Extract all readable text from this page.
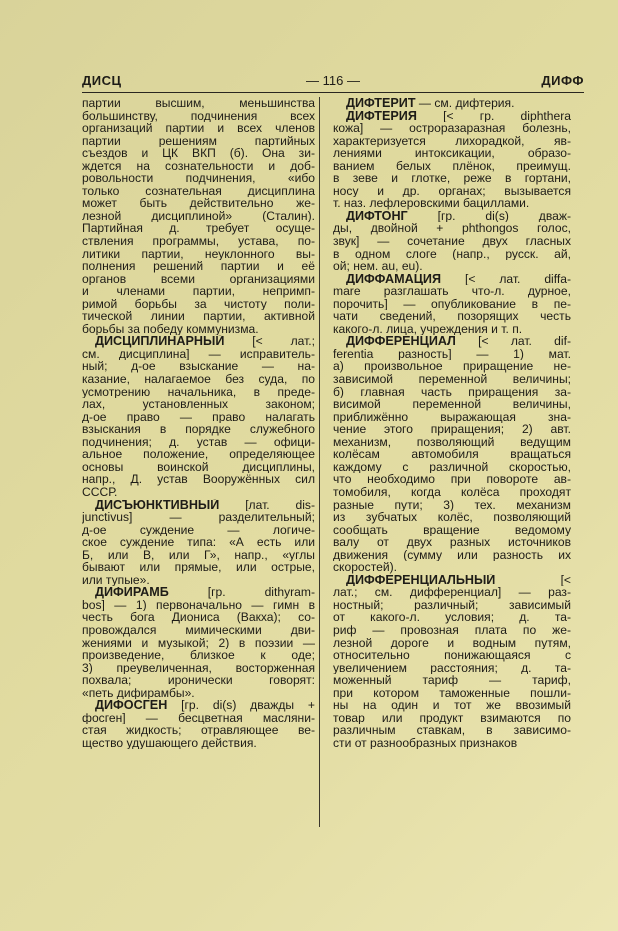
ДИСЦ	— 116 —	ДИФФ
партии высшим, меньшинства
большинству, подчинения всех
организаций партии и всех членов
партии решениям партийных
съездов и ЦК ВКП (б). Она зи-
ждется на сознательности и доб-
ровольности подчинения, «ибо
только сознательная дисциплина
может быть действительно же-
лезной дисциплиной» (Сталин).
Партийная д. требует осуще-
ствления программы, устава, по-
литики партии, неуклонного вы-
полнения решений партии и её
органов всеми организациями
и членами партии, непримп-
римой борьбы за чистоту поли-
тической линии партии, активной
борьбы за победу коммунизма.
ДИСЦИПЛИНА́РНЫЙ [< лат.;
см. дисциплина] — исправитель-
ный; д-ое взыскание — на-
казание, налагаемое без суда, по
усмотрению начальника, в преде-
лах, установленных законом;
д-ое право — право налагать
взыскания в порядке служебного
подчинения; д. устав — офици-
альное положение, определяющее
основы воинской дисциплины,
напр., Д. устав Вооружённых сил
СССР.
ДИСЪЮНКТИ́ВНЫЙ [лат. dis-
junctivus] — разделительный;
д-ое суждение — логиче-
ское суждение типа: «А есть или
Б, или В, или Г», напр., «углы
бывают или прямые, или острые,
или тупые».
ДИФИРА́МБ	[гр. dithyram-
bos] — 1) первоначально — гимн в
честь бога Диониса (Вакха); со-
провождался мимическими дви-
жениями и музыкой; 2) в поэзии —
произведение, близкое к оде;
3) преувеличенная, восторженная
похвала; иронически говорят:
«петь дифирамбы».
ДИФОСГЕ́Н [гр. di(s) дважды +
фосген] — бесцветная масляни-
стая жидкость; отравляющее ве-
щество удушающего действия.
ДИФТЕРИ́Т — см. дифтерия.
ДИФТЕРИ́Я [< гр. diphthera
кожа] — остроразаразная болезнь,
характеризуется лихорадкой, яв-
лениями интоксикации, образо-
ванием белых плёнок, преимущ.
в зеве и глотке, реже в гортани,
носу и др. органах; вызывается
т. наз. лефлеровскими бациллами.
ДИФТО́НГ [гр. di(s) дваж-
ды, двойной + phthongos голос,
звук] — сочетание двух гласных
в одном слоге (напр., русск. ай,
ой; нем. au, eu).
ДИФФАМА́ЦИЯ [< лат. diffa-
mare разглашать что-л. дурное,
порочить] — опубликование в пе-
чати сведений, позорящих честь
какого-л. лица, учреждения и т. п.
ДИФФЕРЕНЦИА́Л [< лат. dif-
ferentia разность] — 1) мат.
а) произвольное приращение не-
зависимой переменной величины;
б) главная часть приращения за-
висимой переменной величины,
приближённо выражающая зна-
чение этого приращения; 2) авт.
механизм, позволяющий ведущим
колёсам автомобиля вращаться
каждому с различной скоростью,
что необходимо при повороте ав-
томобиля, когда колёса проходят
разные пути; 3) тех. механизм
из зубчатых колёс, позволяющий
сообщать вращение ведомому
валу от двух разных источников
движения (сумму или разность их
скоростей).
ДИФФЕРЕНЦИА́ЛЬНЫЙ	[<
лат.; см. дифференциал] — раз-
ностный; различный; зависимый
от какого-л. условия; д. та-
риф — провозная плата по же-
лезной дороге и водным путям,
относительно понижающаяся с
увеличением расстояния; д. та-
моженный тариф — тариф,
при котором таможенные пошли-
ны на один и тот же ввозимый
товар или продукт взимаются по
различным ставкам, в зависимо-
сти от разнообразных признаков
